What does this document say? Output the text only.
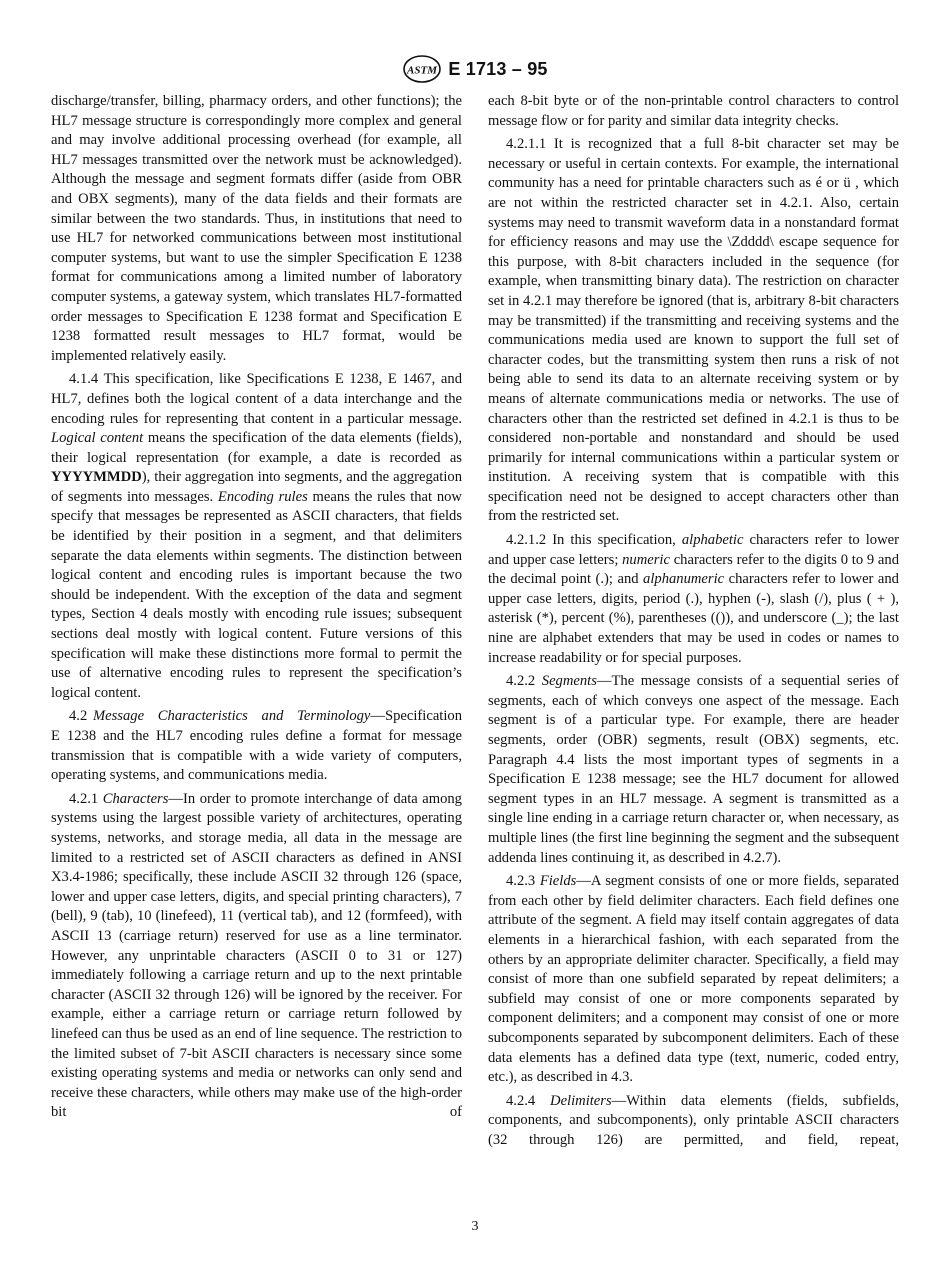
ASTM E 1713 – 95

discharge/transfer, billing, pharmacy orders, and other functions); the HL7 message structure is correspondingly more complex and general and may involve additional processing overhead (for example, all HL7 messages transmitted over the network must be acknowledged). Although the message and segment formats differ (aside from OBR and OBX segments), many of the data fields and their formats are similar between the two standards. Thus, in institutions that need to use HL7 for networked communications between most institutional computer systems, but want to use the simpler Specification E 1238 format for communications among a limited number of laboratory computer systems, a gateway system, which translates HL7-formatted order messages to Specification E 1238 format and Specification E 1238 formatted result messages to HL7 format, would be implemented relatively easily.

4.1.4 This specification, like Specifications E 1238, E 1467, and HL7, defines both the logical content of a data interchange and the encoding rules for representing that content in a particular message. Logical content means the specification of the data elements (fields), their logical representation (for example, a date is recorded as YYYYMMDD), their aggregation into segments, and the aggregation of segments into messages. Encoding rules means the rules that now specify that messages be represented as ASCII characters, that fields be identified by their position in a segment, and that delimiters separate the data elements within segments. The distinction between logical content and encoding rules is important because the two should be independent. With the exception of the data and segment types, Section 4 deals mostly with encoding rule issues; subsequent sections deal mostly with logical content. Future versions of this specification will make these distinctions more formal to permit the use of alternative encoding rules to represent the specification’s logical content.

4.2 Message Characteristics and Terminology—Specification E 1238 and the HL7 encoding rules define a format for message transmission that is compatible with a wide variety of computers, operating systems, and communications media.

4.2.1 Characters—In order to promote interchange of data among systems using the largest possible variety of architectures, operating systems, networks, and storage media, all data in the message are limited to a restricted set of ASCII characters as defined in ANSI X3.4-1986; specifically, these include ASCII 32 through 126 (space, lower and upper case letters, digits, and special printing characters), 7 (bell), 9 (tab), 10 (linefeed), 11 (vertical tab), and 12 (formfeed), with ASCII 13 (carriage return) reserved for use as a line terminator. However, any unprintable characters (ASCII 0 to 31 or 127) immediately following a carriage return and up to the next printable character (ASCII 32 through 126) will be ignored by the receiver. For example, either a carriage return or carriage return followed by linefeed can thus be used as an end of line sequence. The restriction to the limited subset of 7-bit ASCII characters is necessary since some existing operating systems and media or networks can only send and receive these characters, while others may make use of the high-order bit of

each 8-bit byte or of the non-printable control characters to control message flow or for parity and similar data integrity checks.

4.2.1.1 It is recognized that a full 8-bit character set may be necessary or useful in certain contexts. For example, the international community has a need for printable characters such as é or ü , which are not within the restricted character set in 4.2.1. Also, certain systems may need to transmit waveform data in a nonstandard format for efficiency reasons and may use the \Zdddd\ escape sequence for this purpose, with 8-bit characters included in the sequence (for example, when transmitting binary data). The restriction on character set in 4.2.1 may therefore be ignored (that is, arbitrary 8-bit characters may be transmitted) if the transmitting and receiving systems and the communications media used are known to support the full set of character codes, but the transmitting system then runs a risk of not being able to send its data to an alternate receiving system or by means of alternate communications media or networks. The use of characters other than the restricted set defined in 4.2.1 is thus to be considered non-portable and nonstandard and should be used primarily for internal communications within a particular system or institution. A receiving system that is compatible with this specification need not be designed to accept characters other than from the restricted set.

4.2.1.2 In this specification, alphabetic characters refer to lower and upper case letters; numeric characters refer to the digits 0 to 9 and the decimal point (.); and alphanumeric characters refer to lower and upper case letters, digits, period (.), hyphen (-), slash (/), plus ( + ), asterisk (*), percent (%), parentheses (()), and underscore (_); the last nine are alphabet extenders that may be used in codes or names to increase readability or for special purposes.

4.2.2 Segments—The message consists of a sequential series of segments, each of which conveys one aspect of the message. Each segment is of a particular type. For example, there are header segments, order (OBR) segments, result (OBX) segments, etc. Paragraph 4.4 lists the most important types of segments in a Specification E 1238 message; see the HL7 document for allowed segment types in an HL7 message. A segment is transmitted as a single line ending in a carriage return character or, when necessary, as multiple lines (the first line beginning the segment and the subsequent addenda lines continuing it, as described in 4.2.7).

4.2.3 Fields—A segment consists of one or more fields, separated from each other by field delimiter characters. Each field defines one attribute of the segment. A field may itself contain aggregates of data elements in a hierarchical fashion, with each separated from the others by an appropriate delimiter character. Specifically, a field may consist of more than one subfield separated by repeat delimiters; a subfield may consist of one or more components separated by component delimiters; and a component may consist of one or more subcomponents separated by subcomponent delimiters. Each of these data elements has a defined data type (text, numeric, coded entry, etc.), as described in 4.3.

4.2.4 Delimiters—Within data elements (fields, subfields, components, and subcomponents), only printable ASCII characters (32 through 126) are permitted, and field, repeat,

3
